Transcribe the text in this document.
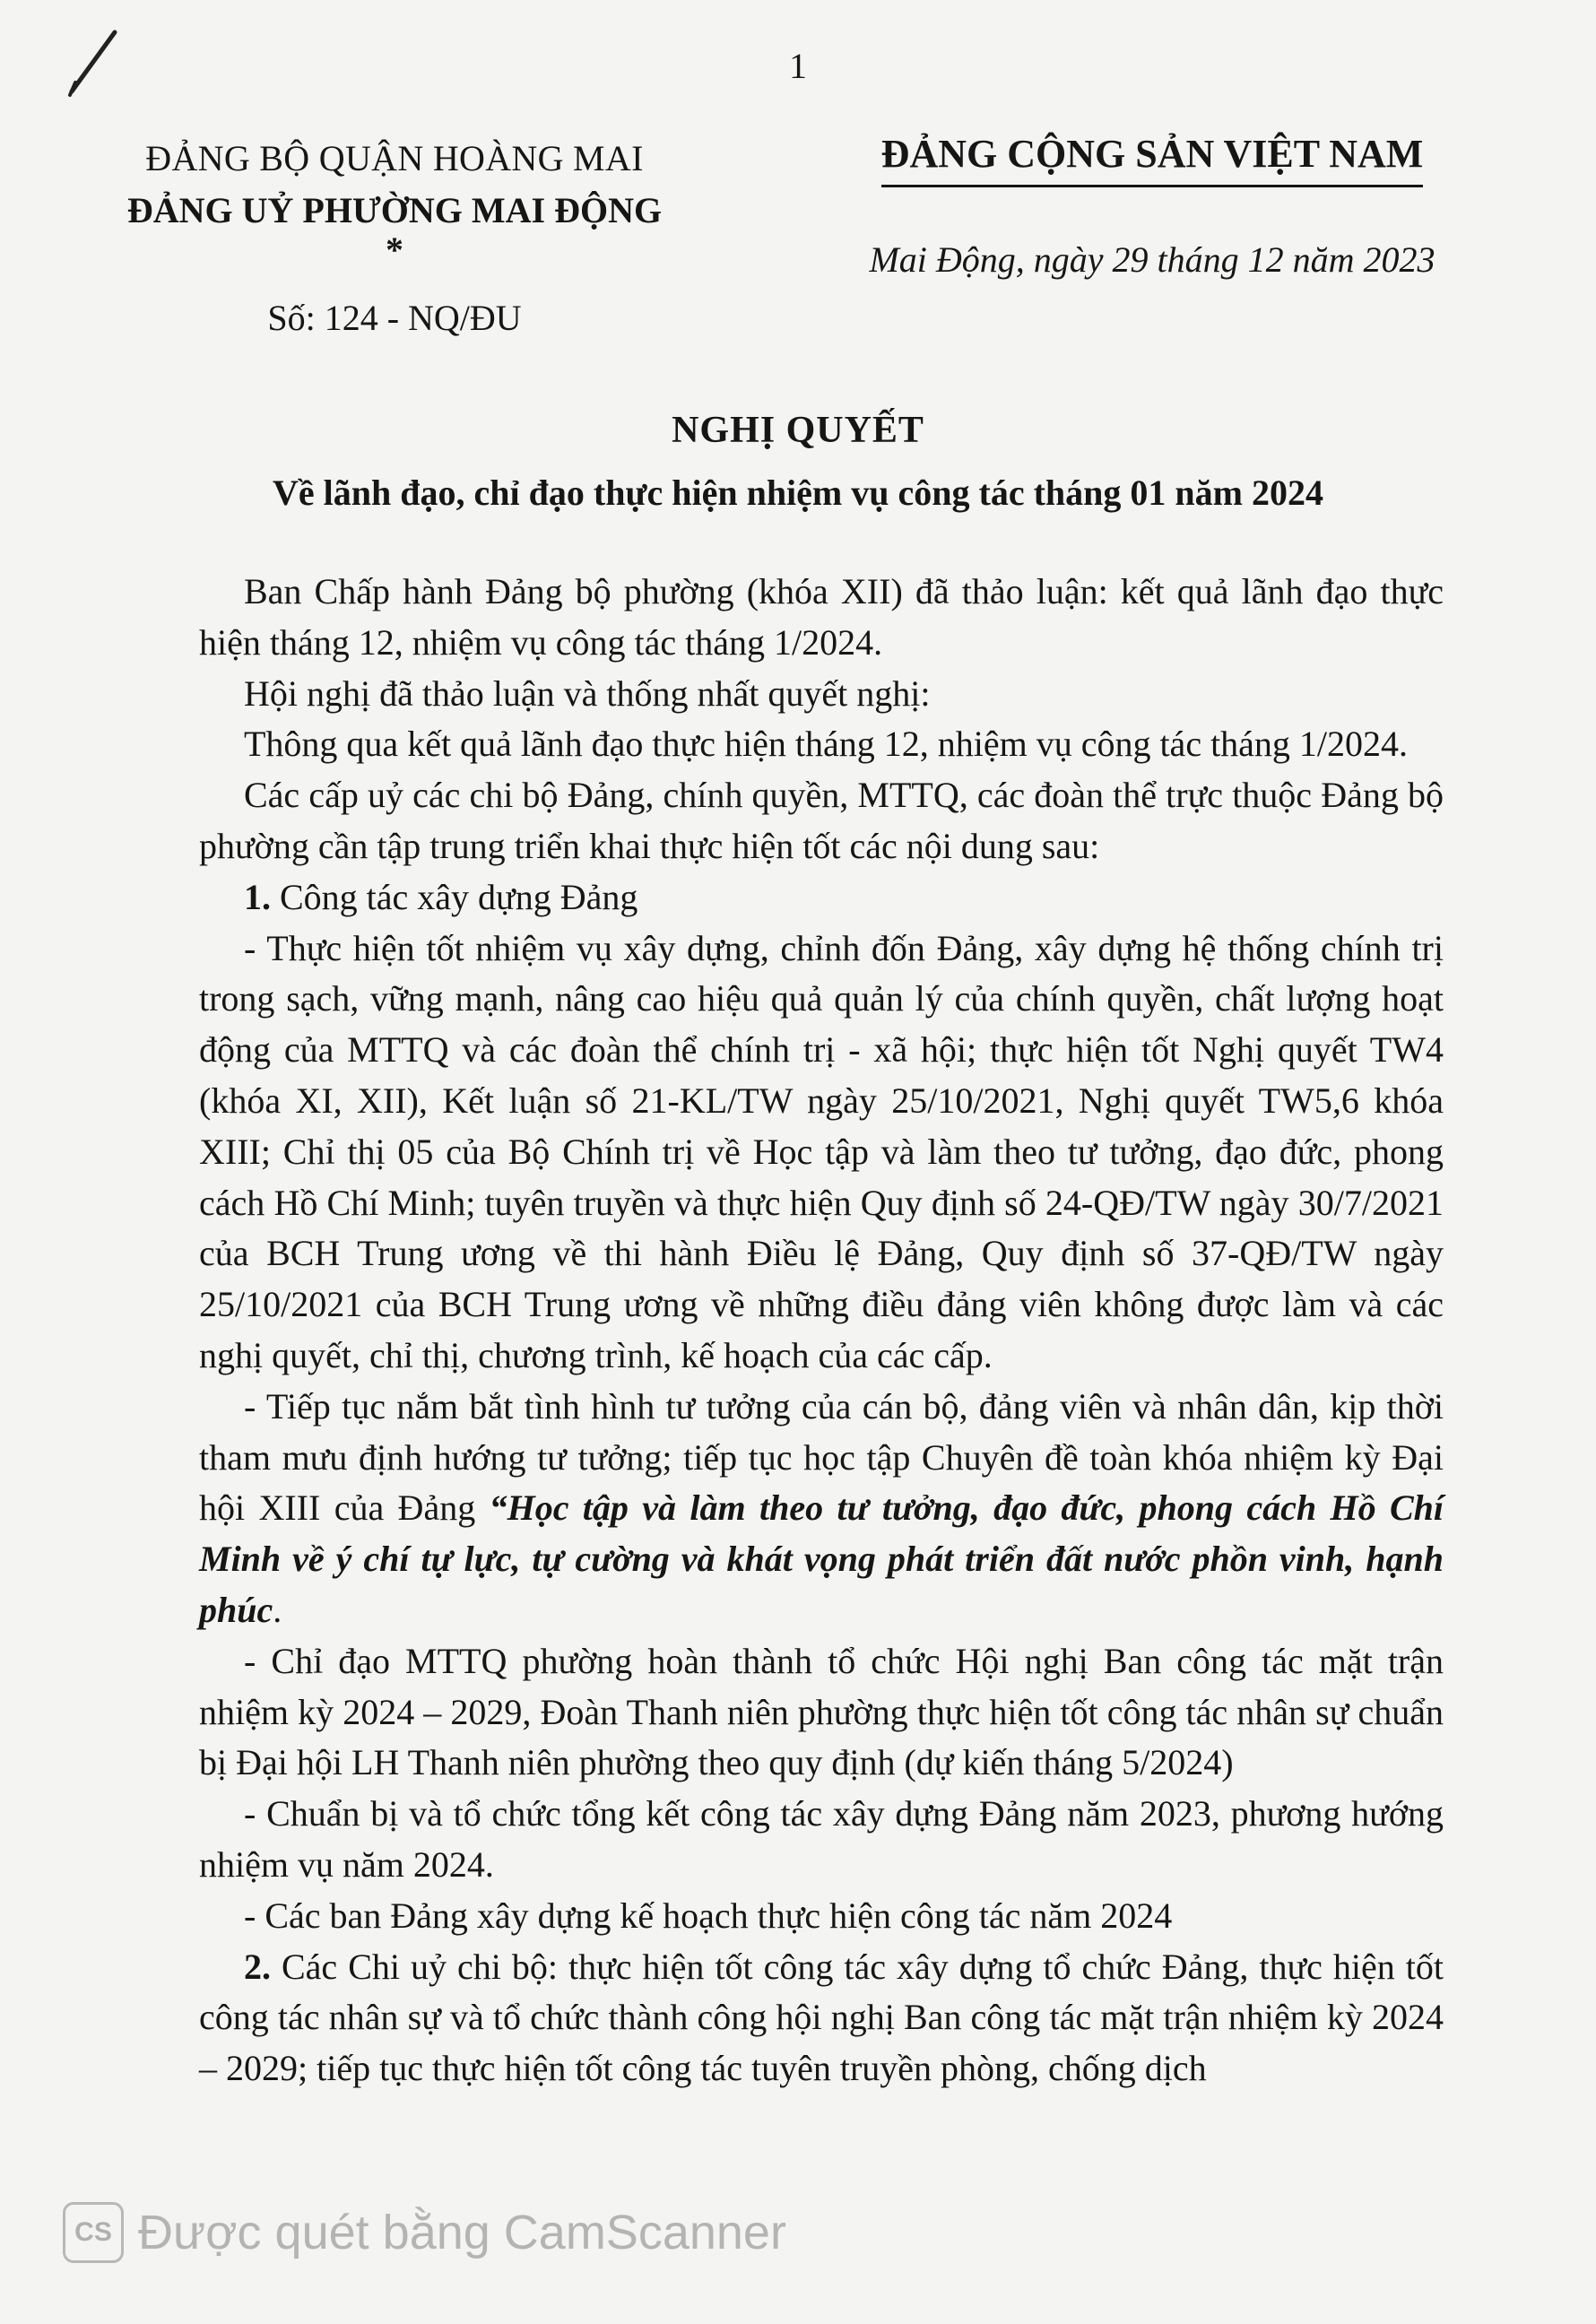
1
ĐẢNG BỘ QUẬN HOÀNG MAI
ĐẢNG UỶ PHƯỜNG MAI ĐỘNG
*
Số: 124 - NQ/ĐU
ĐẢNG CỘNG SẢN VIỆT NAM
Mai Động, ngày 29 tháng 12 năm 2023
NGHỊ QUYẾT
Về lãnh đạo, chỉ đạo thực hiện nhiệm vụ công tác tháng 01 năm 2024

Ban Chấp hành Đảng bộ phường (khóa XII) đã thảo luận: kết quả lãnh đạo thực hiện tháng 12, nhiệm vụ công tác tháng 1/2024.

Hội nghị đã thảo luận và thống nhất quyết nghị:

Thông qua kết quả lãnh đạo thực hiện tháng 12, nhiệm vụ công tác tháng 1/2024.

Các cấp uỷ các chi bộ Đảng, chính quyền, MTTQ, các đoàn thể trực thuộc Đảng bộ phường cần tập trung triển khai thực hiện tốt các nội dung sau:

1. Công tác xây dựng Đảng

- Thực hiện tốt nhiệm vụ xây dựng, chỉnh đốn Đảng, xây dựng hệ thống chính trị trong sạch, vững mạnh, nâng cao hiệu quả quản lý của chính quyền, chất lượng hoạt động của MTTQ và các đoàn thể chính trị - xã hội; thực hiện tốt Nghị quyết TW4 (khóa XI, XII), Kết luận số 21-KL/TW ngày 25/10/2021, Nghị quyết TW5,6 khóa XIII; Chỉ thị 05 của Bộ Chính trị về Học tập và làm theo tư tưởng, đạo đức, phong cách Hồ Chí Minh; tuyên truyền và thực hiện Quy định số 24-QĐ/TW ngày 30/7/2021 của BCH Trung ương về thi hành Điều lệ Đảng, Quy định số 37-QĐ/TW ngày 25/10/2021 của BCH Trung ương về những điều đảng viên không được làm và các nghị quyết, chỉ thị, chương trình, kế hoạch của các cấp.

- Tiếp tục nắm bắt tình hình tư tưởng của cán bộ, đảng viên và nhân dân, kịp thời tham mưu định hướng tư tưởng; tiếp tục học tập Chuyên đề toàn khóa nhiệm kỳ Đại hội XIII của Đảng “Học tập và làm theo tư tưởng, đạo đức, phong cách Hồ Chí Minh về ý chí tự lực, tự cường và khát vọng phát triển đất nước phồn vinh, hạnh phúc.

- Chỉ đạo MTTQ phường hoàn thành tổ chức Hội nghị Ban công tác mặt trận nhiệm kỳ 2024 – 2029, Đoàn Thanh niên phường thực hiện tốt công tác nhân sự chuẩn bị Đại hội LH Thanh niên phường theo quy định (dự kiến tháng 5/2024)

- Chuẩn bị và tổ chức tổng kết công tác xây dựng Đảng năm 2023, phương hướng nhiệm vụ năm 2024.

- Các ban Đảng xây dựng kế hoạch thực hiện công tác năm 2024

2. Các Chi uỷ chi bộ: thực hiện tốt công tác xây dựng tổ chức Đảng, thực hiện tốt công tác nhân sự và tổ chức thành công hội nghị Ban công tác mặt trận nhiệm kỳ 2024 – 2029; tiếp tục thực hiện tốt công tác tuyên truyền phòng, chống dịch

CS Được quét bằng CamScanner
